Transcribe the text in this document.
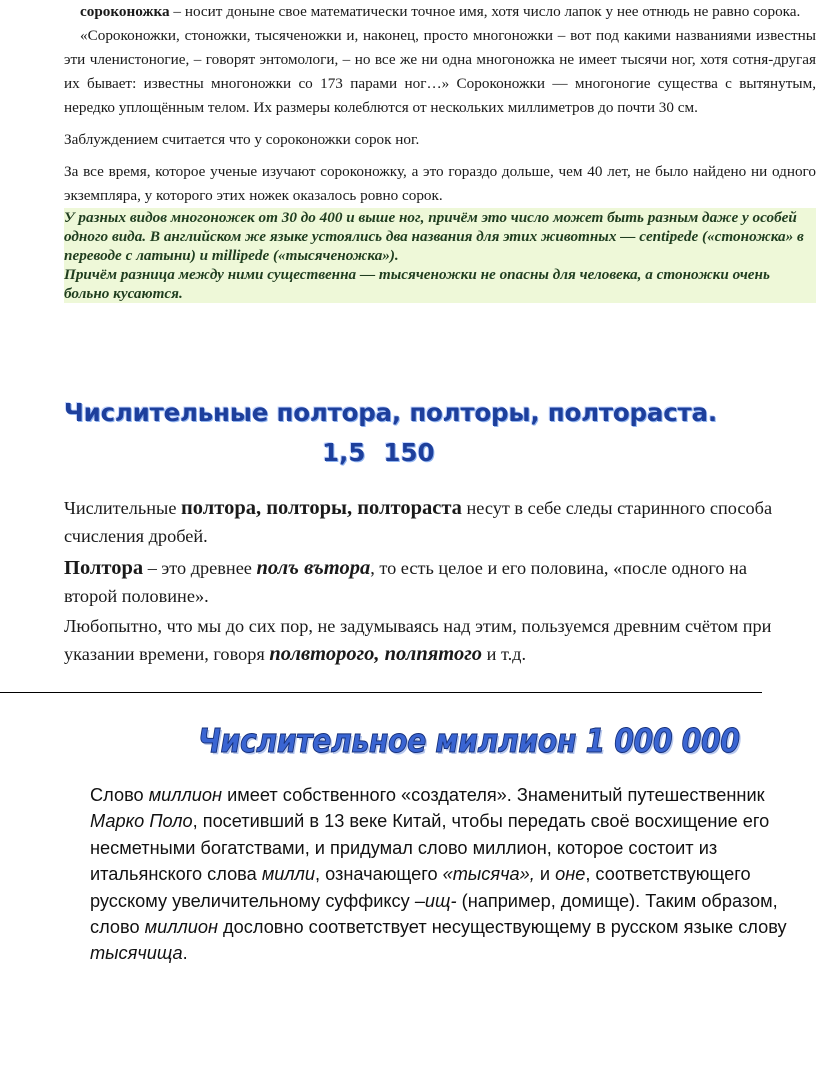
сороконожка – носит доныне свое математически точное имя, хотя число лапок у нее отнюдь не равно сорока.

«Сороконожки, стоножки, тысяченожки и, наконец, просто многоножки – вот под какими названиями известны эти членистоногие, – говорят энтомологи, – но все же ни одна многоножка не имеет тысячи ног, хотя сотня-другая их бывает: известны многоножки со 173 парами ног…» Сороконожки — многоногие существа с вытянутым, нередко уплощённым телом. Их размеры колеблются от нескольких миллиметров до почти 30 см.

Заблуждением считается что у сороконожки сорок ног.

За все время, которое ученые изучают сороконожку, а это гораздо дольше, чем 40 лет, не было найдено ни одного экземпляра, у которого этих ножек оказалось ровно сорок.

У разных видов многоножек от 30 до 400 и выше ног, причём это число может быть разным даже у особей одного вида. В английском же языке устоялись два названия для этих животных — centipede («стоножка» в переводе с латыни) и millipede («тысяченожка»).
Причём разница между ними существенна — тысяченожки не опасны для человека, а стоножки очень больно кусаются.
Числительные полтора, полторы, полтораста.
1,5 150

Числительные полтора, полторы, полтораста несут в себе следы старинного способа счисления дробей.

Полтора – это древнее полъ вътора, то есть целое и его половина, «после одного на второй половине».

Любопытно, что мы до сих пор, не задумываясь над этим, пользуемся древним счётом при указании времени, говоря полвторого, полпятого и т.д.

Числительное миллион 1 000 000
Слово миллион имеет собственного «создателя». Знаменитый путешественник Марко Поло, посетивший в 13 веке Китай, чтобы передать своё восхищение его несметными богатствами, и придумал слово миллион, которое состоит из итальянского слова милли, означающего «тысяча», и оне, соответствующего русскому увеличительному суффиксу –ищ- (например, домище). Таким образом, слово миллион дословно соответствует несуществующему в русском языке слову тысячища.
